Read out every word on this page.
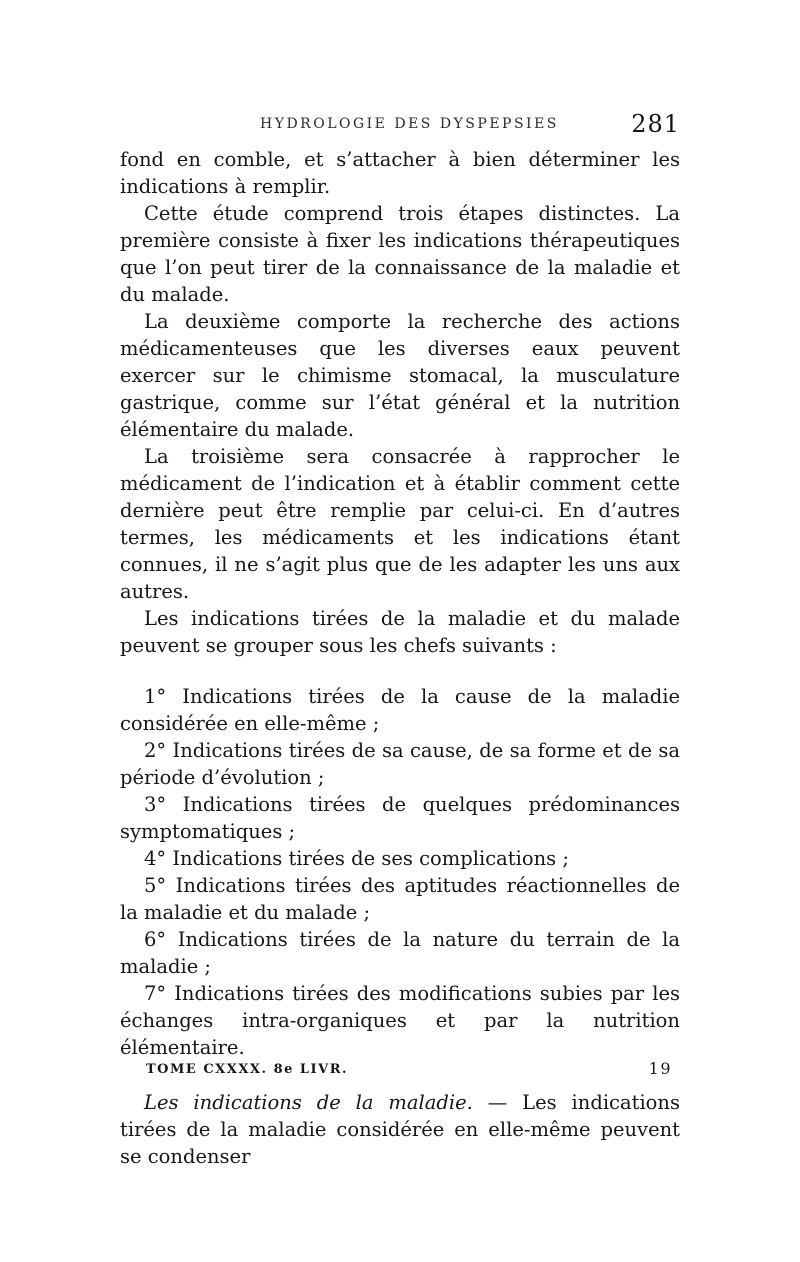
HYDROLOGIE DES DYSPEPSIES	281

fond en comble, et s’attacher à bien déterminer les indications à remplir.

Cette étude comprend trois étapes distinctes. La première consiste à fixer les indications thérapeutiques que l’on peut tirer de la connaissance de la maladie et du malade.

La deuxième comporte la recherche des actions médicamenteuses que les diverses eaux peuvent exercer sur le chimisme stomacal, la musculature gastrique, comme sur l’état général et la nutrition élémentaire du malade.

La troisième sera consacrée à rapprocher le médicament de l’indication et à établir comment cette dernière peut être remplie par celui-ci. En d’autres termes, les médicaments et les indications étant connues, il ne s’agit plus que de les adapter les uns aux autres.

Les indications tirées de la maladie et du malade peuvent se grouper sous les chefs suivants :

1° Indications tirées de la cause de la maladie considérée en elle-même ;

2° Indications tirées de sa cause, de sa forme et de sa période d’évolution ;

3° Indications tirées de quelques prédominances symptomatiques ;

4° Indications tirées de ses complications ;

5° Indications tirées des aptitudes réactionnelles de la maladie et du malade ;

6° Indications tirées de la nature du terrain de la maladie ;

7° Indications tirées des modifications subies par les échanges intra-organiques et par la nutrition élémentaire.

Les indications de la maladie. — Les indications tirées de la maladie considérée en elle-même peuvent se condenser

TOME CXXXX. 8e LIVR.	19
